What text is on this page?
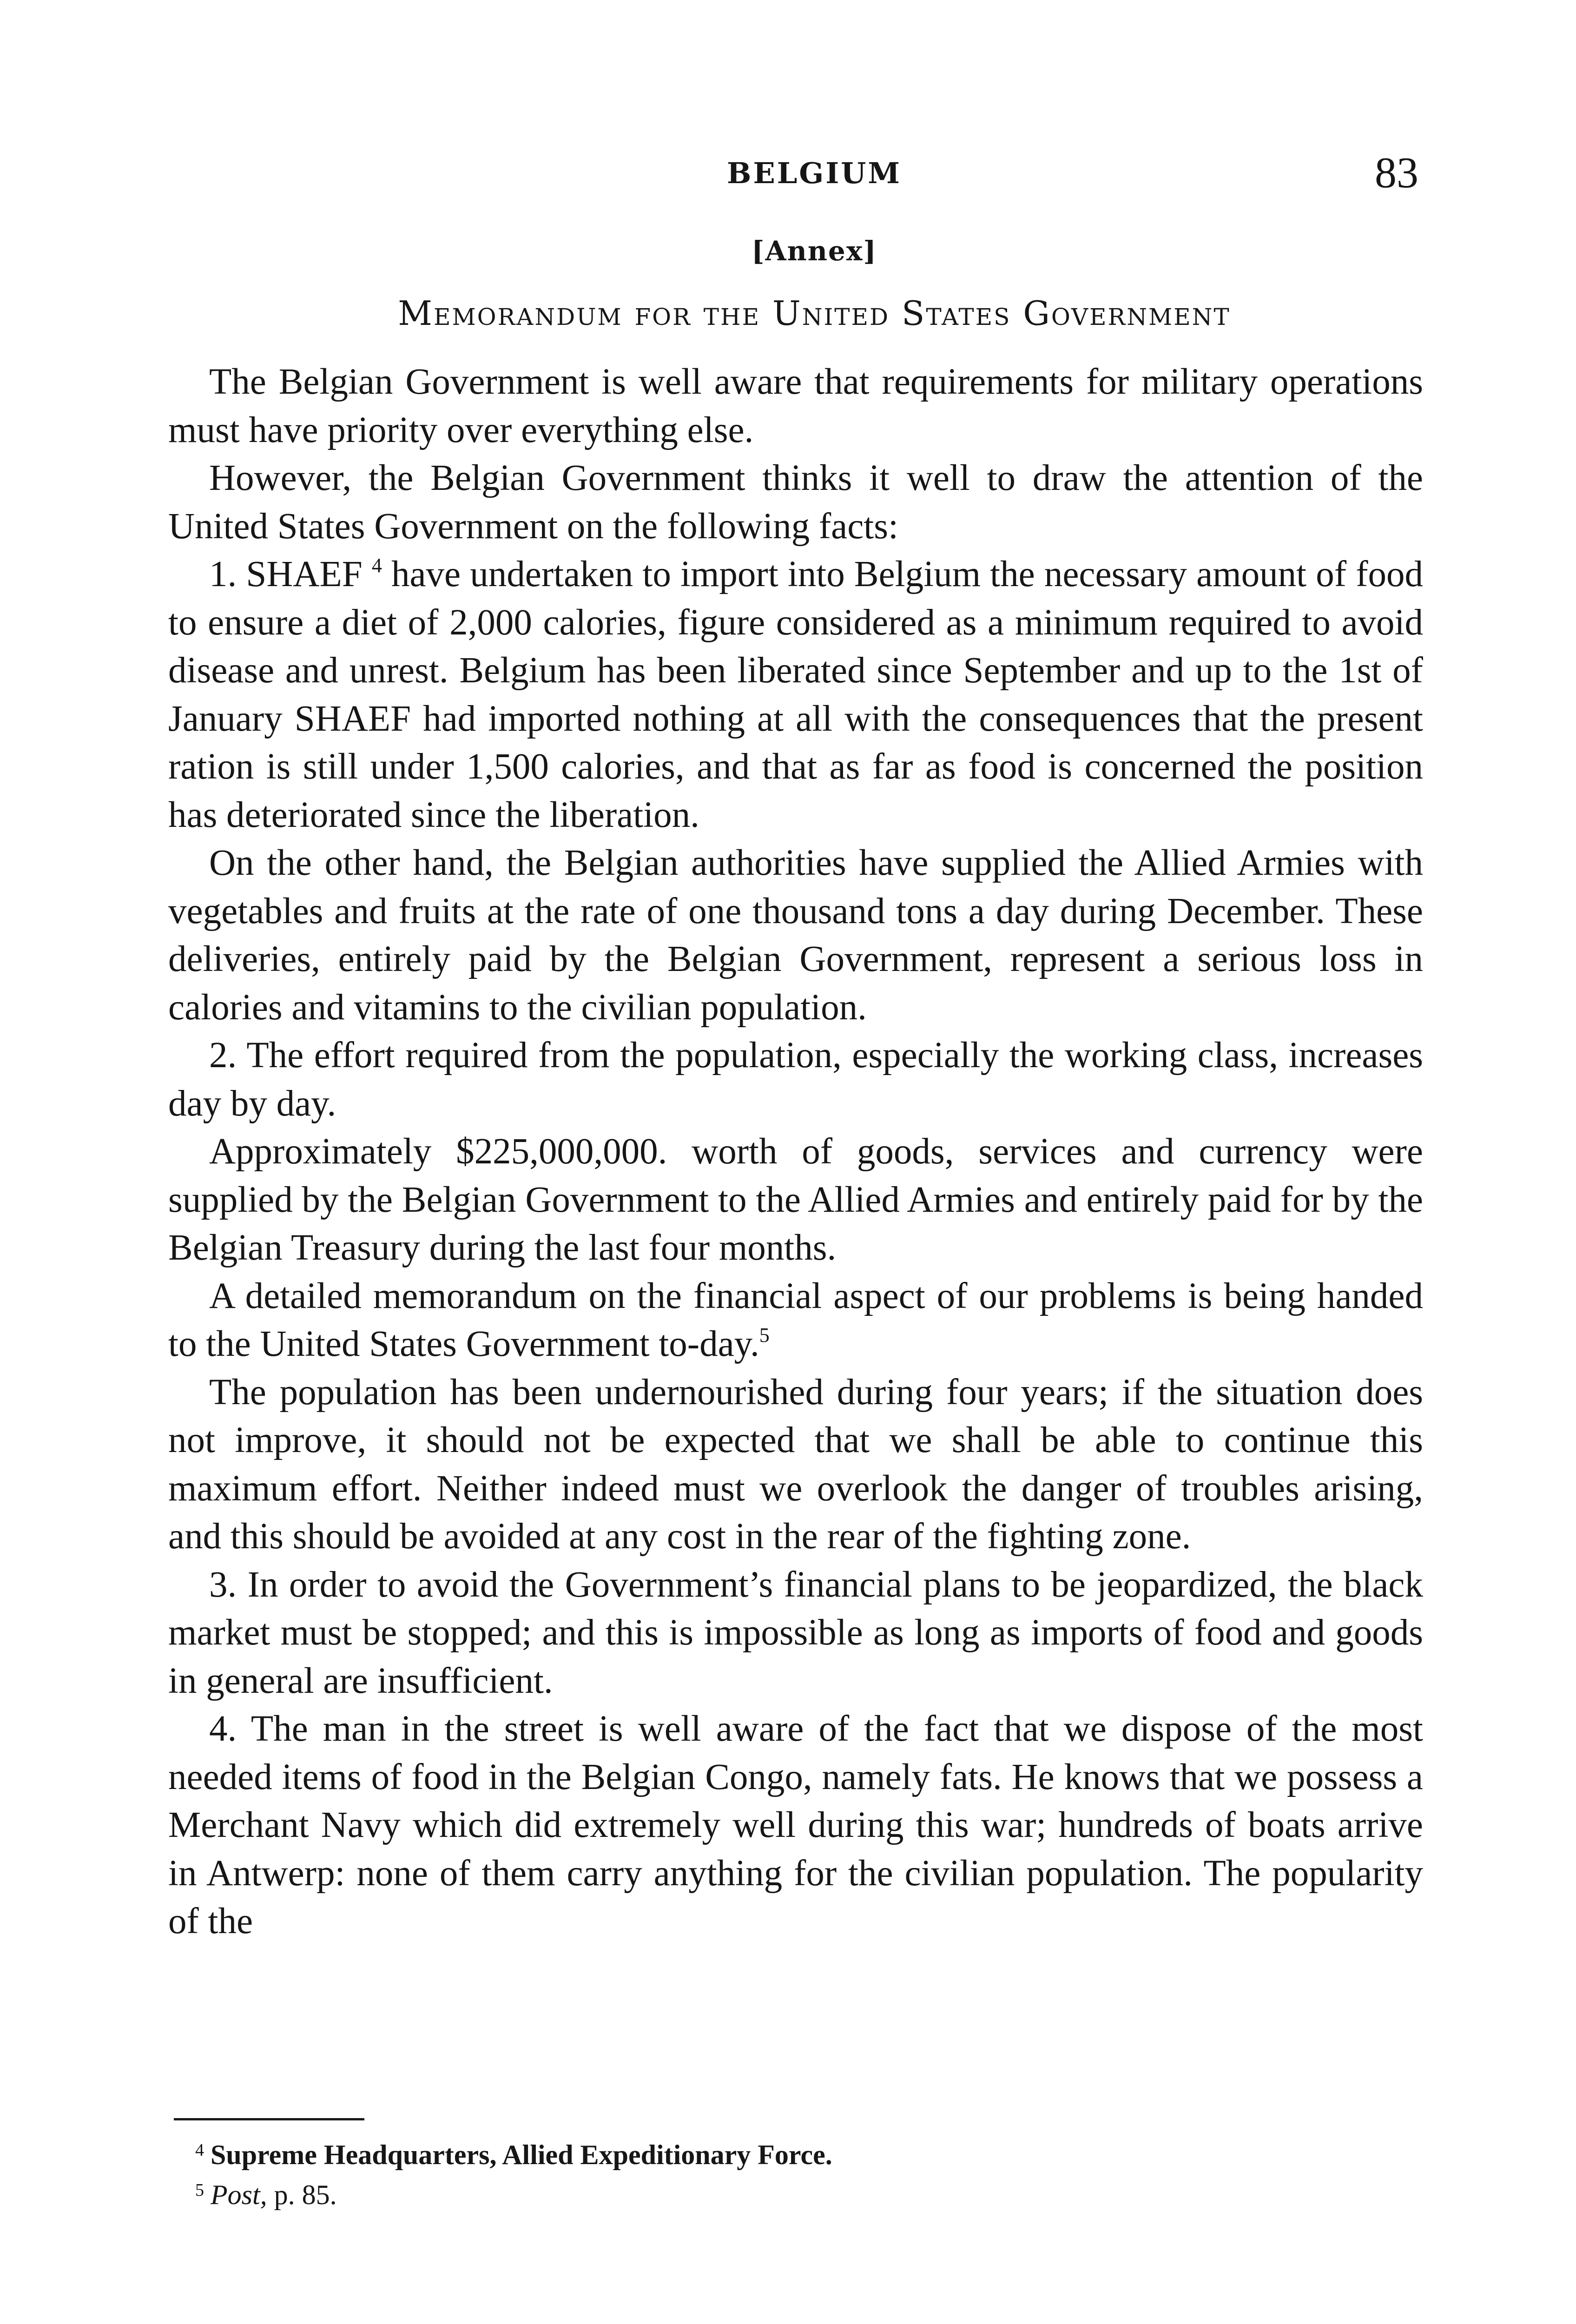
BELGIUM	83
[Annex]
Memorandum for the United States Government

The Belgian Government is well aware that requirements for military operations must have priority over everything else.

However, the Belgian Government thinks it well to draw the attention of the United States Government on the following facts:

1. SHAEF $^4$ have undertaken to import into Belgium the necessary amount of food to ensure a diet of 2,000 calories, figure considered as a minimum required to avoid disease and unrest. Belgium has been liberated since September and up to the 1st of January SHAEF had imported nothing at all with the consequences that the present ration is still under 1,500 calories, and that as far as food is concerned the position has deteriorated since the liberation.

On the other hand, the Belgian authorities have supplied the Allied Armies with vegetables and fruits at the rate of one thousand tons a day during December. These deliveries, entirely paid by the Belgian Government, represent a serious loss in calories and vitamins to the civilian population.

2. The effort required from the population, especially the working class, increases day by day.

Approximately $225,000,000. worth of goods, services and currency were supplied by the Belgian Government to the Allied Armies and entirely paid for by the Belgian Treasury during the last four months.

A detailed memorandum on the financial aspect of our problems is being handed to the United States Government to-day.$^5$

The population has been undernourished during four years; if the situation does not improve, it should not be expected that we shall be able to continue this maximum effort. Neither indeed must we overlook the danger of troubles arising, and this should be avoided at any cost in the rear of the fighting zone.

3. In order to avoid the Government’s financial plans to be jeopardized, the black market must be stopped; and this is impossible as long as imports of food and goods in general are insufficient.

4. The man in the street is well aware of the fact that we dispose of the most needed items of food in the Belgian Congo, namely fats. He knows that we possess a Merchant Navy which did extremely well during this war; hundreds of boats arrive in Antwerp: none of them carry anything for the civilian population. The popularity of the

$^4$ Supreme Headquarters, Allied Expeditionary Force.
$^5$ Post, p. 85.
